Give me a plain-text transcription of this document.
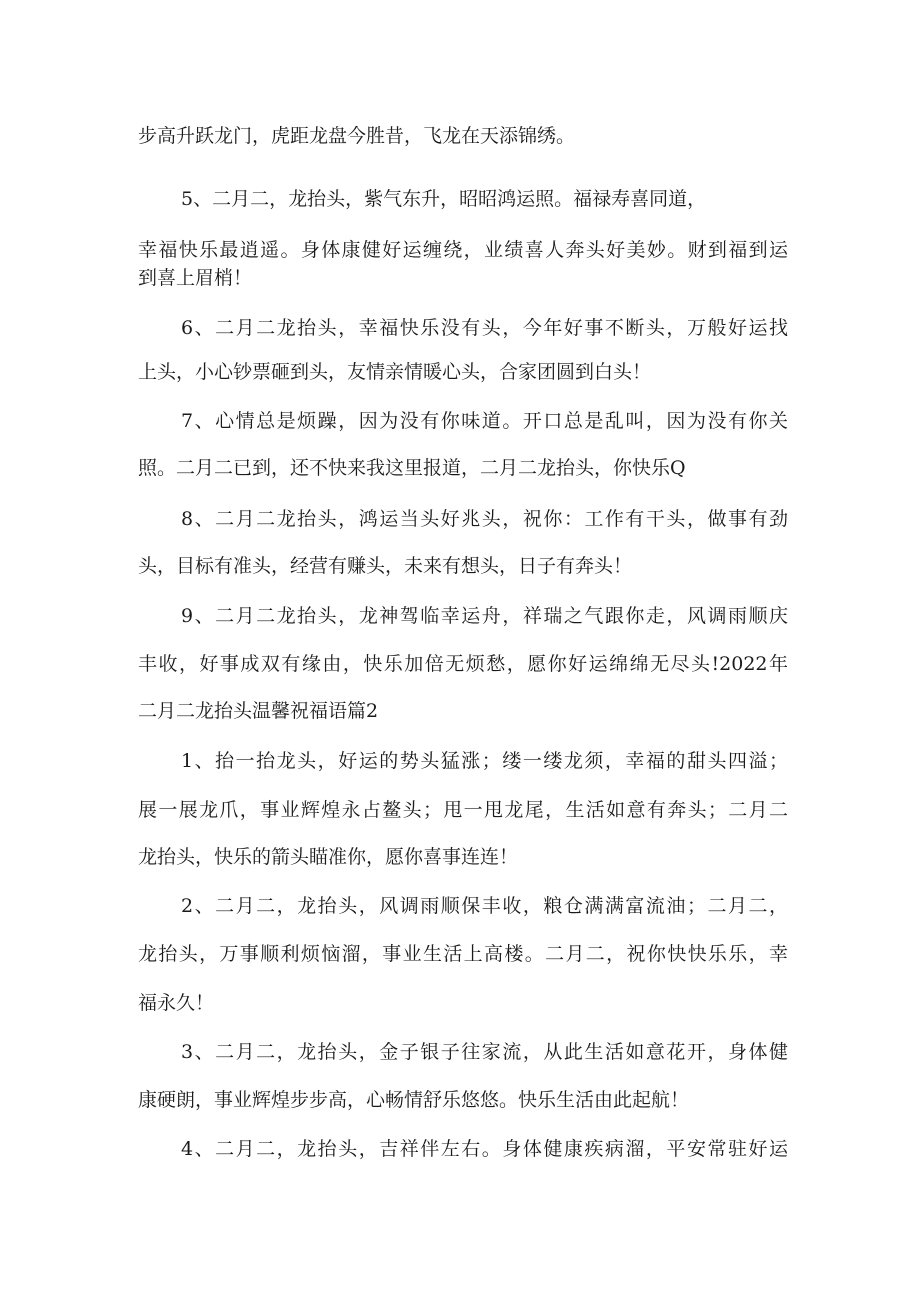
步高升跃龙门，虎距龙盘今胜昔，飞龙在天添锦绣。
5、二月二，龙抬头，紫气东升，昭昭鸿运照。福禄寿喜同道，
幸福快乐最逍遥。身体康健好运缠绕，业绩喜人奔头好美妙。财到福到运
到喜上眉梢！
6、二月二龙抬头，幸福快乐没有头，今年好事不断头，万般好运找
上头，小心钞票砸到头，友情亲情暖心头，合家团圆到白头！
7、心情总是烦躁，因为没有你味道。开口总是乱叫，因为没有你关
照。二月二已到，还不快来我这里报道，二月二龙抬头，你快乐Q
8、二月二龙抬头，鸿运当头好兆头，祝你：工作有干头，做事有劲
头，目标有准头，经营有赚头，未来有想头，日子有奔头！
9、二月二龙抬头，龙神驾临幸运舟，祥瑞之气跟你走，风调雨顺庆
丰收，好事成双有缘由，快乐加倍无烦愁，愿你好运绵绵无尽头!2022年
二月二龙抬头温馨祝福语篇2
1、抬一抬龙头，好运的势头猛涨；缕一缕龙须，幸福的甜头四溢；
展一展龙爪，事业辉煌永占鳌头；甩一甩龙尾，生活如意有奔头；二月二
龙抬头，快乐的箭头瞄准你，愿你喜事连连！
2、二月二，龙抬头，风调雨顺保丰收，粮仓满满富流油；二月二，
龙抬头，万事顺利烦恼溜，事业生活上高楼。二月二，祝你快快乐乐，幸
福永久！
3、二月二，龙抬头，金子银子往家流，从此生活如意花开，身体健
康硬朗，事业辉煌步步高，心畅情舒乐悠悠。快乐生活由此起航！
4、二月二，龙抬头，吉祥伴左右。身体健康疾病溜，平安常驻好运
